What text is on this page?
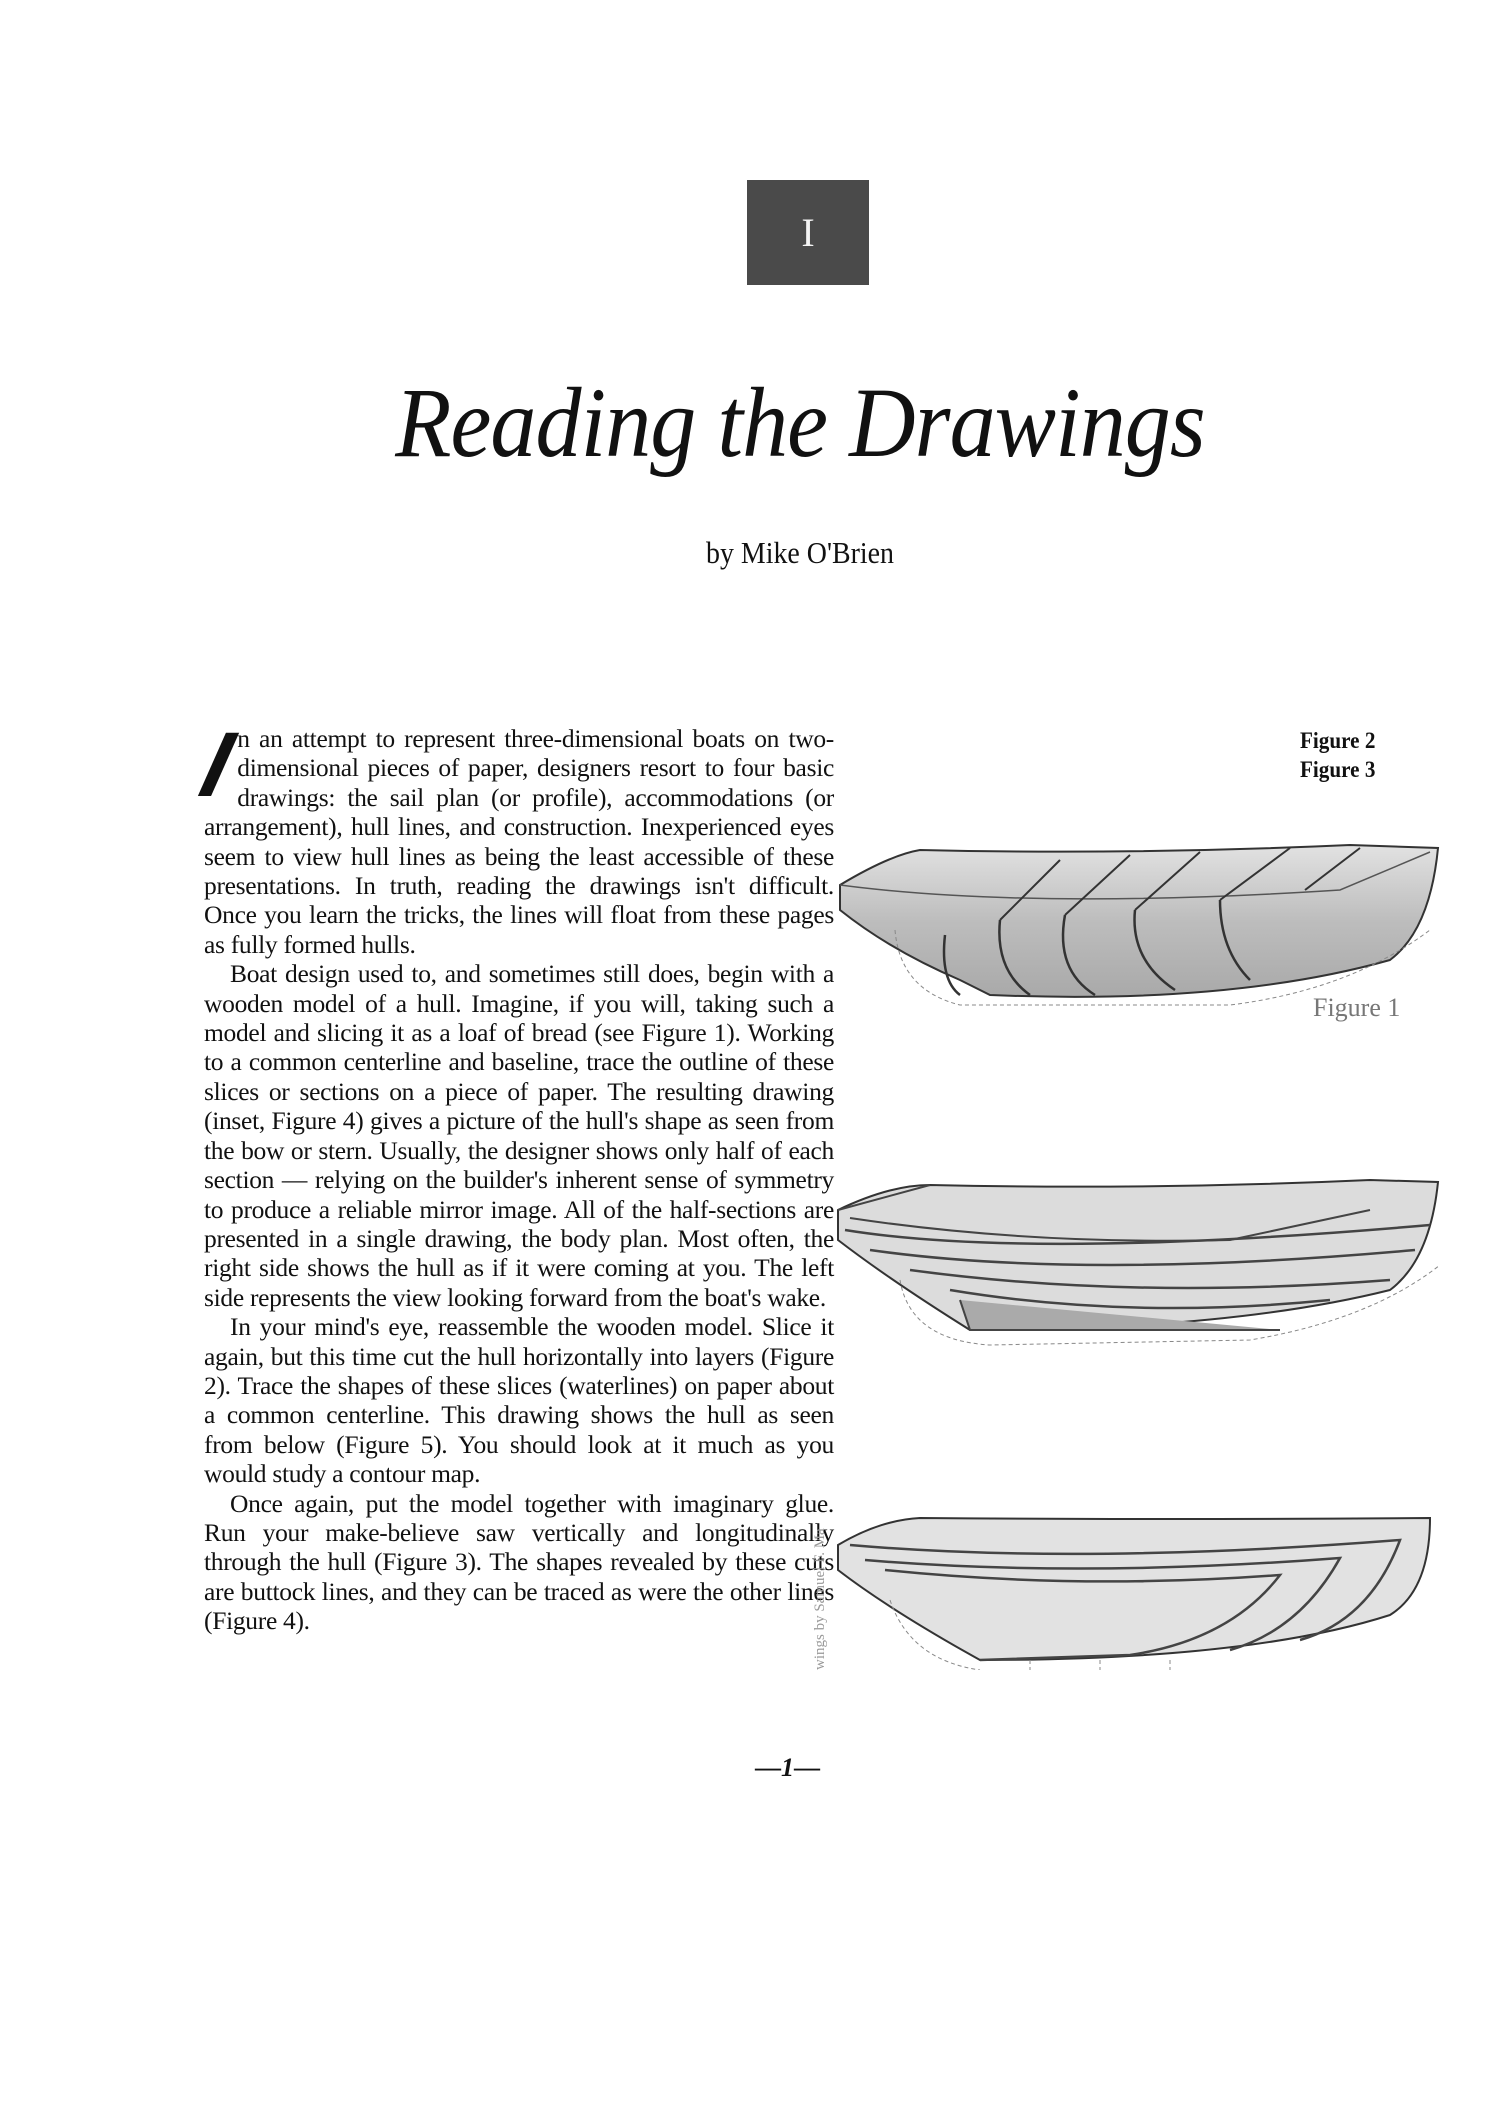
I
Reading the Drawings
by Mike O'Brien

I
n an attempt to represent three-dimensional boats on two-dimensional pieces of paper, designers resort to four basic drawings: the sail plan (or profile), accommodations (or arrangement), hull lines, and construction. Inexperienced eyes seem to view hull lines as being the least accessible of these presentations. In truth, reading the drawings isn't difficult. Once you learn the tricks, the lines will float from these pages as fully formed hulls.

Boat design used to, and sometimes still does, begin with a wooden model of a hull. Imagine, if you will, taking such a model and slicing it as a loaf of bread (see Figure 1). Working to a common centerline and baseline, trace the outline of these slices or sections on a piece of paper. The resulting drawing (inset, Figure 4) gives a picture of the hull's shape as seen from the bow or stern. Usually, the designer shows only half of each section — relying on the builder's inherent sense of symmetry to produce a reliable mirror image. All of the half-sections are presented in a single drawing, the body plan. Most often, the right side shows the hull as if it were coming at you. The left side represents the view looking forward from the boat's wake.

In your mind's eye, reassemble the wooden model. Slice it again, but this time cut the hull horizontally into layers (Figure 2). Trace the shapes of these slices (waterlines) on paper about a common centerline. This drawing shows the hull as seen from below (Figure 5). You should look at it much as you would study a contour map.

Once again, put the model together with imaginary glue. Run your make-believe saw vertically and longitudinally through the hull (Figure 3). The shapes revealed by these cuts are buttock lines, and they can be traced as were the other lines (Figure 4).

Figure 2
Figure 3
Figure 1
wings by Samuel F. Ma
—1—
